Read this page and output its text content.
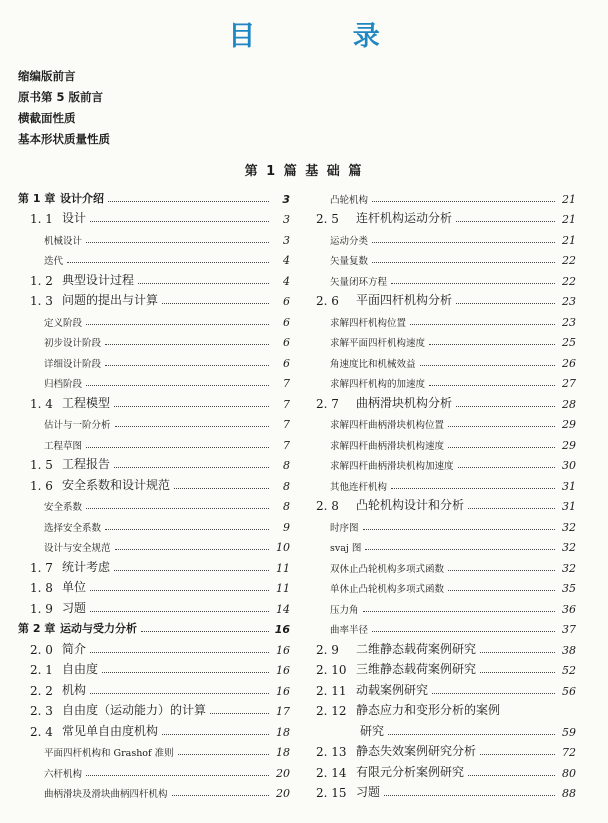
目 录
缩编版前言
原书第 5 版前言
横截面性质
基本形状质量性质
第 1 篇 基 础 篇
第 1 章 设计介绍	3
1. 1 设计	3
机械设计	3
迭代	4
1. 2 典型设计过程	4
1. 3 问题的提出与计算	6
定义阶段	6
初步设计阶段	6
详细设计阶段	6
归档阶段	7
1. 4 工程模型	7
估计与一阶分析	7
工程草图	7
1. 5 工程报告	8
1. 6 安全系数和设计规范	8
安全系数	8
选择安全系数	9
设计与安全规范	10
1. 7 统计考虑	11
1. 8 单位	11
1. 9 习题	14
第 2 章 运动与受力分析	16
2. 0 简介	16
2. 1 自由度	16
2. 2 机构	16
2. 3 自由度（运动能力）的计算	17
2. 4 常见单自由度机构	18
平面四杆机构和 Grashof 准则	18
六杆机构	20
曲柄滑块及滑块曲柄四杆机构	20
凸轮机构	21
2. 5	连杆机构运动分析	21
运动分类	21
矢量复数	22
矢量闭环方程	22
2. 6	平面四杆机构分析	23
求解四杆机构位置	23
求解平面四杆机构速度	25
角速度比和机械效益	26
求解四杆机构的加速度	27
2. 7	曲柄滑块机构分析	28
求解四杆曲柄滑块机构位置	29
求解四杆曲柄滑块机构速度	29
求解四杆曲柄滑块机构加速度	30
其他连杆机构	31
2. 8	凸轮机构设计和分析	31
时序图	32
svaj 图	32
双休止凸轮机构多项式函数	32
单休止凸轮机构多项式函数	35
压力角	36
曲率半径	37
2. 9	二维静态载荷案例研究	38
2. 10 三维静态载荷案例研究	52
2. 11 动载案例研究	56
2. 12 静态应力和变形分析的案例
研究	59
2. 13 静态失效案例研究分析	72
2. 14 有限元分析案例研究	80
2. 15 习题	88
